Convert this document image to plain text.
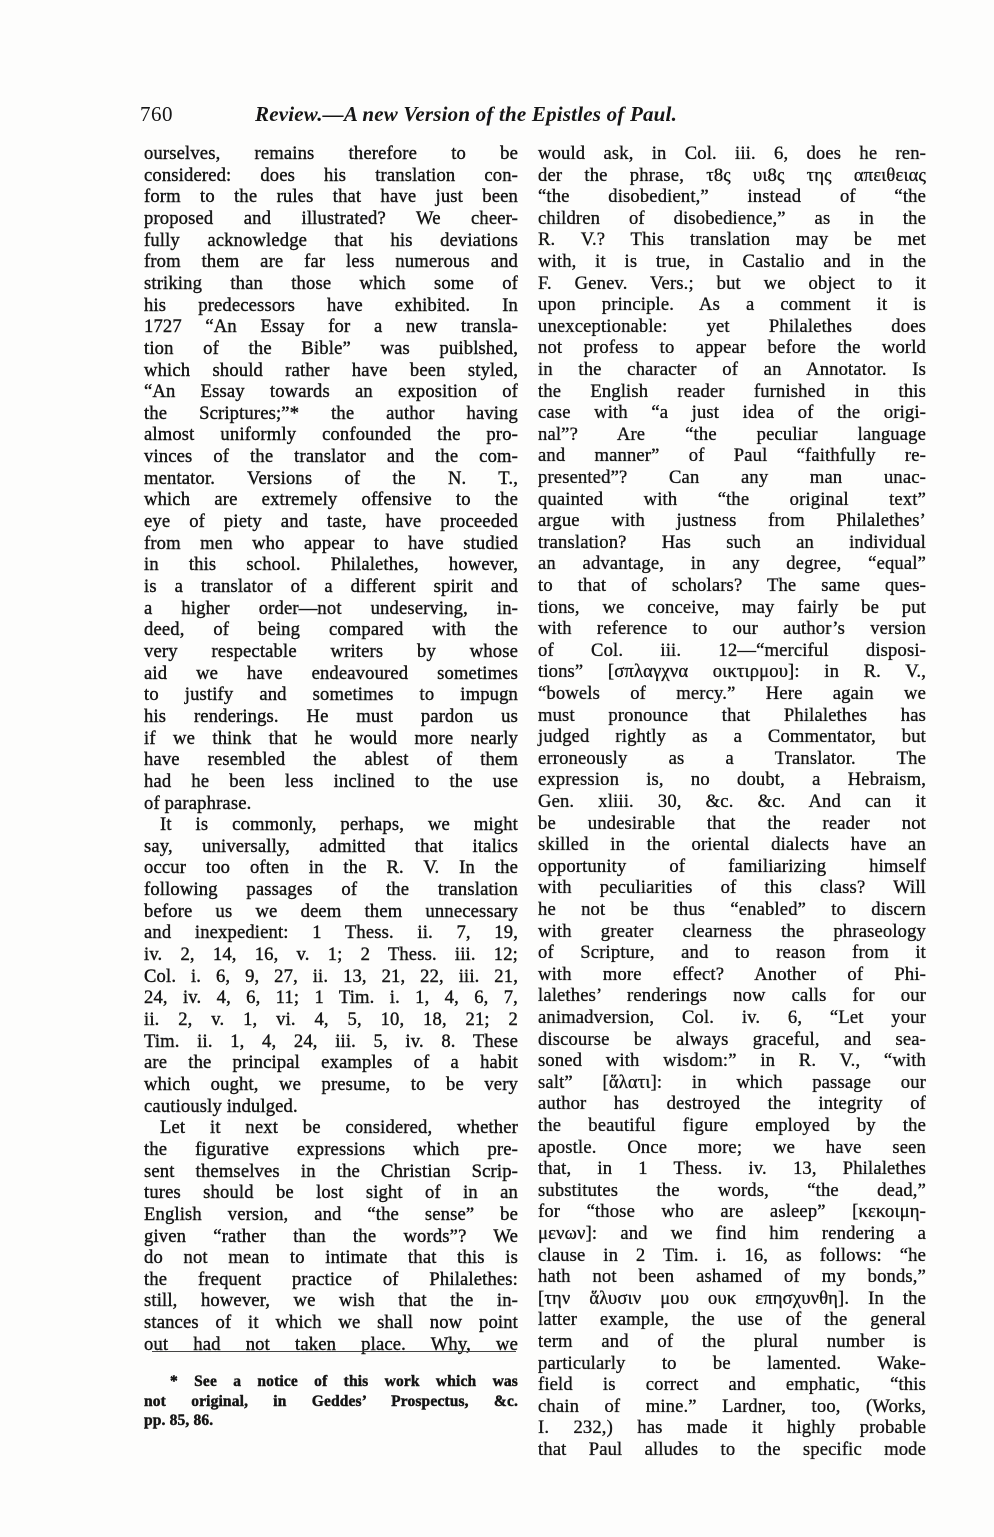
760	Review.—A new Version of the Epistles of Paul.
ourselves, remains therefore to be
considered: does his translation con-
form to the rules that have just been
proposed and illustrated? We cheer-
fully acknowledge that his deviations
from them are far less numerous and
striking than those which some of
his predecessors have exhibited. In
1727 “An Essay for a new transla-
tion of the Bible” was puiblshed,
which should rather have been styled,
“An Essay towards an exposition of
the Scriptures;”* the author having
almost uniformly confounded the pro-
vinces of the translator and the com-
mentator. Versions of the N. T.,
which are extremely offensive to the
eye of piety and taste, have proceeded
from men who appear to have studied
in this school. Philalethes, however,
is a translator of a different spirit and
a higher order—not undeserving, in-
deed, of being compared with the
very respectable writers by whose
aid we have endeavoured sometimes
to justify and sometimes to impugn
his renderings. He must pardon us
if we think that he would more nearly
have resembled the ablest of them
had he been less inclined to the use
of paraphrase.
It is commonly, perhaps, we might
say, universally, admitted that italics
occur too often in the R. V. In the
following passages of the translation
before us we deem them unnecessary
and inexpedient: 1 Thess. ii. 7, 19,
iv. 2, 14, 16, v. 1; 2 Thess. iii. 12;
Col. i. 6, 9, 27, ii. 13, 21, 22, iii. 21,
24, iv. 4, 6, 11; 1 Tim. i. 1, 4, 6, 7,
ii. 2, v. 1, vi. 4, 5, 10, 18, 21; 2
Tim. ii. 1, 4, 24, iii. 5, iv. 8. These
are the principal examples of a habit
which ought, we presume, to be very
cautiously indulged.
Let it next be considered, whether
the figurative expressions which pre-
sent themselves in the Christian Scrip-
tures should be lost sight of in an
English version, and “the sense” be
given “rather than the words”? We
do not mean to intimate that this is
the frequent practice of Philalethes:
still, however, we wish that the in-
stances of it which we shall now point
out had not taken place. Why, we
would ask, in Col. iii. 6, does he ren-
der the phrase, τ8ς υι8ς της απειθειας
“the disobedient,” instead of “the
children of disobedience,” as in the
R. V.? This translation may be met
with, it is true, in Castalio and in the
F. Genev. Vers.; but we object to it
upon principle. As a comment it is
unexceptionable: yet Philalethes does
not profess to appear before the world
in the character of an Annotator. Is
the English reader furnished in this
case with “a just idea of the origi-
nal”? Are “the peculiar language
and manner” of Paul “faithfully re-
presented”? Can any man unac-
quainted with “the original text”
argue with justness from Philalethes’
translation? Has such an individual
an advantage, in any degree, “equal”
to that of scholars? The same ques-
tions, we conceive, may fairly be put
with reference to our author’s version
of Col. iii. 12—“merciful disposi-
tions” [σπλαγχνα οικτιρμου]: in R. V.,
“bowels of mercy.” Here again we
must pronounce that Philalethes has
judged rightly as a Commentator, but
erroneously as a Translator. The
expression is, no doubt, a Hebraism,
Gen. xliii. 30, &c. &c. And can it
be undesirable that the reader not
skilled in the oriental dialects have an
opportunity of familiarizing himself
with peculiarities of this class? Will
he not be thus “enabled” to discern
with greater clearness the phraseology
of Scripture, and to reason from it
with more effect? Another of Phi-
lalethes’ renderings now calls for our
animadversion, Col. iv. 6, “Let your
discourse be always graceful, and sea-
soned with wisdom:” in R. V., “with
salt” [ἅλατι]: in which passage our
author has destroyed the integrity of
the beautiful figure employed by the
apostle. Once more; we have seen
that, in 1 Thess. iv. 13, Philalethes
substitutes the words, “the dead,”
for “those who are asleep” [κεκοιμη-
μενων]: and we find him rendering a
clause in 2 Tim. i. 16, as follows: “he
hath not been ashamed of my bonds,”
[την ἅλυσιν μου ουκ επησχυνθη]. In the
latter example, the use of the general
term and of the plural number is
particularly to be lamented. Wake-
field is correct and emphatic, “this
chain of mine.” Lardner, too, (Works,
I. 232,) has made it highly probable
that Paul alludes to the specific mode
* See a notice of this work which was
not original, in Geddes’ Prospectus, &c.
pp. 85, 86.
